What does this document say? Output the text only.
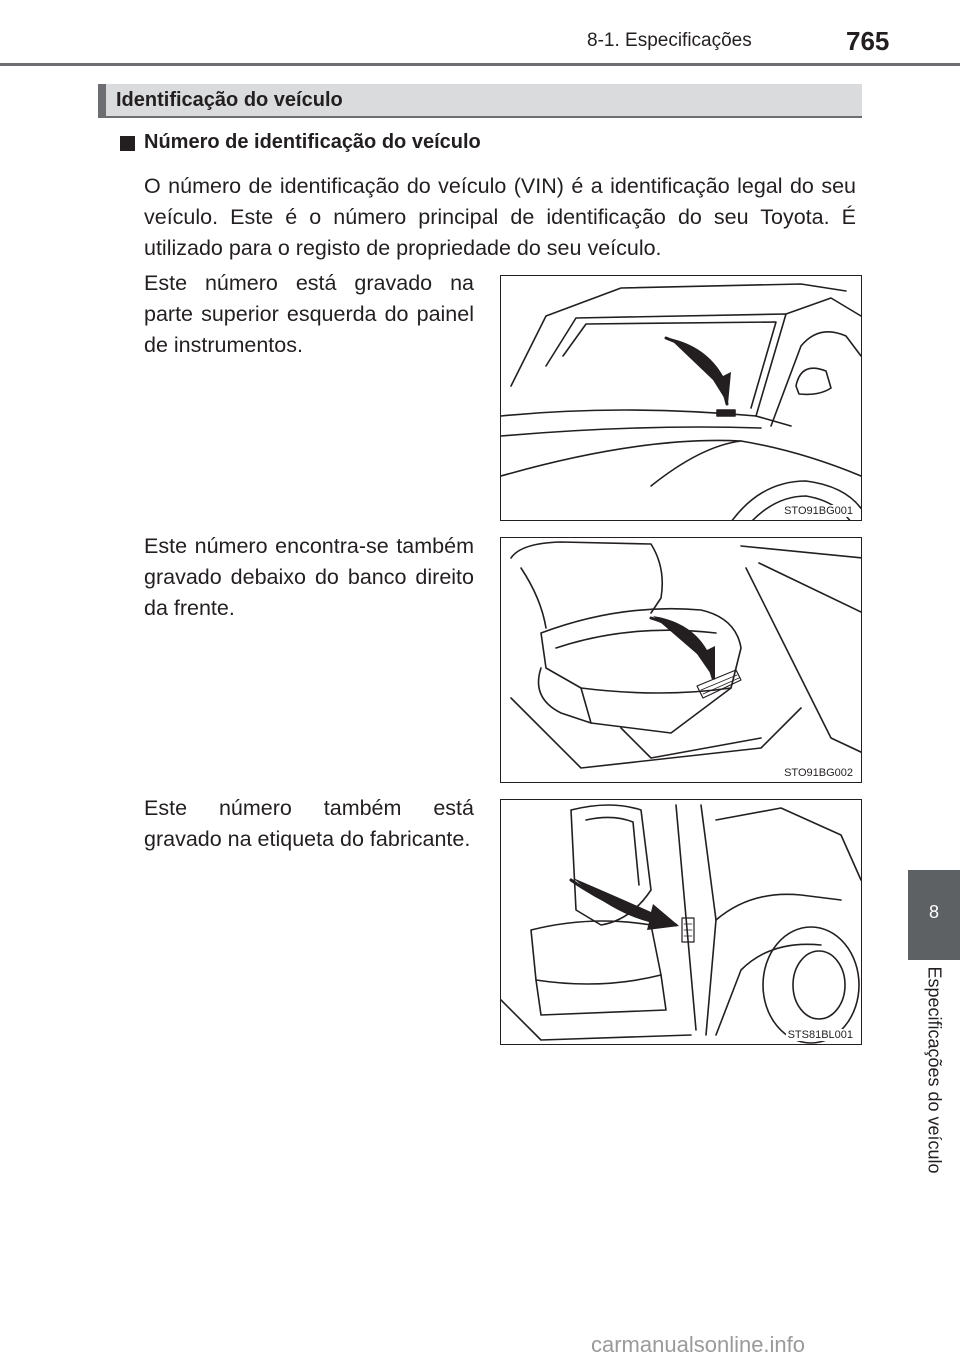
8-1. Especificações	765
8
Especificações do veículo
Identificação do veículo
Número de identificação do veículo
O número de identificação do veículo (VIN) é a identificação legal do seu veículo. Este é o número principal de identificação do seu Toyota. É utilizado para o registo de propriedade do seu veículo.
Este número está gravado na parte superior esquerda do painel de instrumentos.
STO91BG001
Este número encontra-se também gravado debaixo do banco direito da frente.
STO91BG002
Este número também está gravado na etiqueta do fabricante.
STS81BL001
carmanualsonline.info
